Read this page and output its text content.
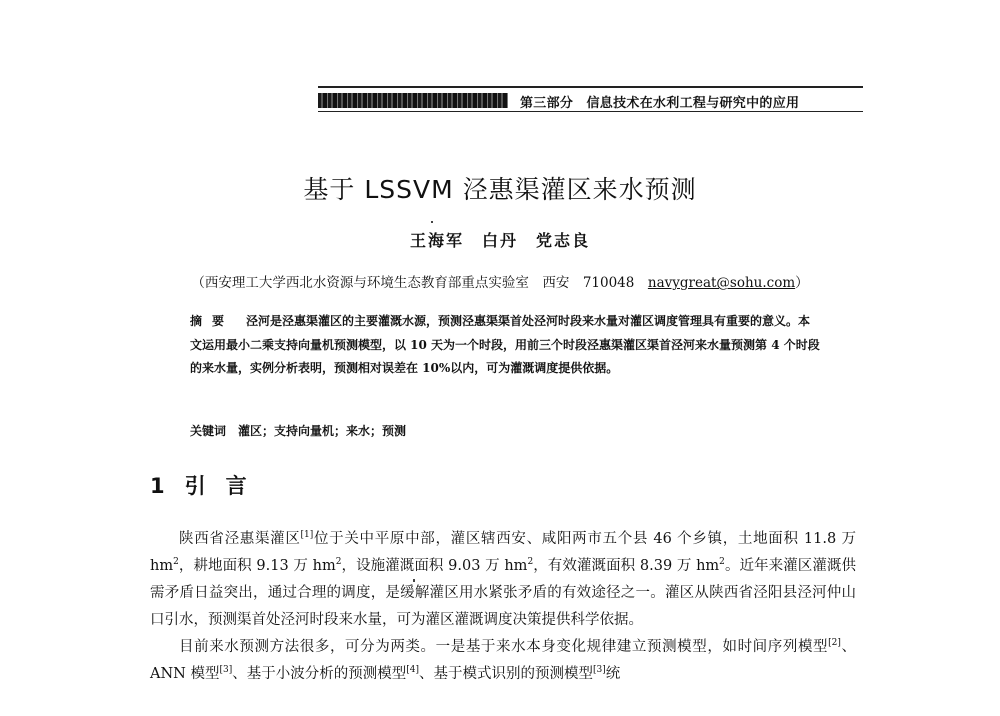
第三部分　信息技术在水利工程与研究中的应用
基于 LSSVM 泾惠渠灌区来水预测
王海军　白丹　党志良
（西安理工大学西北水资源与环境生态教育部重点实验室　西安　710048　navygreat@sohu.com）
摘要 泾河是泾惠渠灌区的主要灌溉水源，预测泾惠渠渠首处泾河时段来水量对灌区调度管理具有重要的意义。本文运用最小二乘支持向量机预测模型，以 10 天为一个时段，用前三个时段泾惠渠灌区渠首泾河来水量预测第 4 个时段的来水量，实例分析表明，预测相对误差在 10%以内，可为灌溉调度提供依据。
关键词 灌区；支持向量机；来水；预测
1 引言

陕西省泾惠渠灌区[1]位于关中平原中部，灌区辖西安、咸阳两市五个县 46 个乡镇，土地面积 11.8 万 $hm^2$，耕地面积 9.13 万 $hm^2$，设施灌溉面积 9.03 万 $hm^2$，有效灌溉面积 8.39 万 $hm^2$。近年来灌区灌溉供需矛盾日益突出，通过合理的调度，是缓解灌区用水紧张矛盾的有效途径之一。灌区从陕西省泾阳县泾河仲山口引水，预测渠首处泾河时段来水量，可为灌区灌溉调度决策提供科学依据。

目前来水预测方法很多，可分为两类。一是基于来水本身变化规律建立预测模型，如时间序列模型[2]、ANN 模型[3]、基于小波分析的预测模型[4]、基于模式识别的预测模型[3]统
